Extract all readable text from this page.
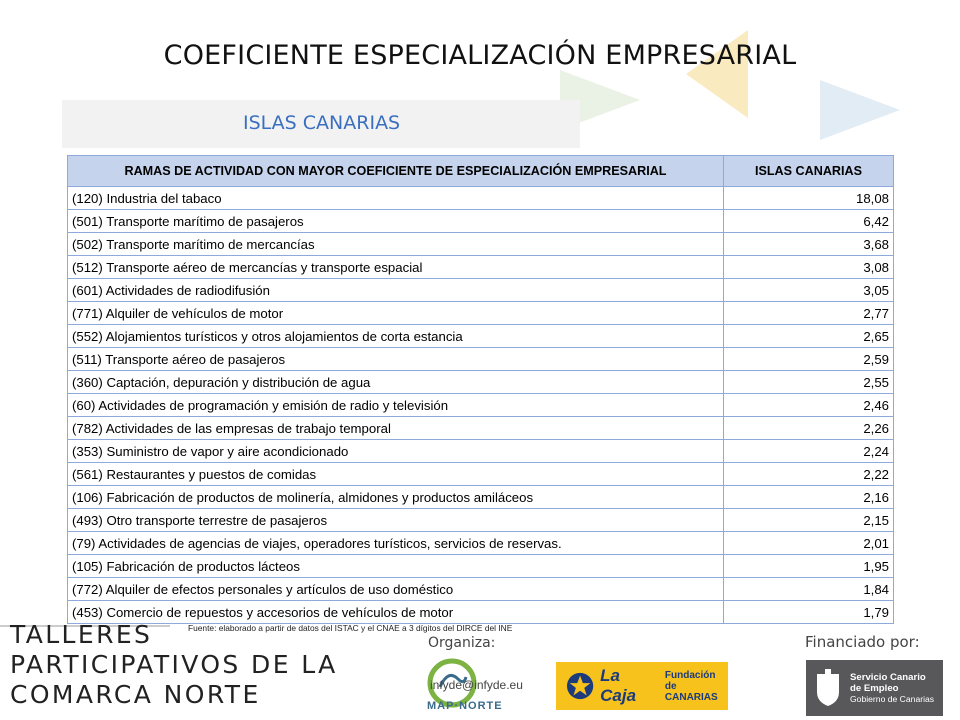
COEFICIENTE ESPECIALIZACIÓN EMPRESARIAL
ISLAS CANARIAS
RAMAS DE ACTIVIDAD CON MAYOR COEFICIENTE DE ESPECIALIZACIÓN EMPRESARIAL	ISLAS CANARIAS
(120) Industria del tabaco	18,08
(501) Transporte marítimo de pasajeros	6,42
(502) Transporte marítimo de mercancías	3,68
(512) Transporte aéreo de mercancías y transporte espacial	3,08
(601) Actividades de radiodifusión	3,05
(771) Alquiler de vehículos de motor	2,77
(552) Alojamientos turísticos y otros alojamientos de corta estancia	2,65
(511) Transporte aéreo de pasajeros	2,59
(360) Captación, depuración y distribución de agua	2,55
(60) Actividades de programación y emisión de radio y televisión	2,46
(782) Actividades de las empresas de trabajo temporal	2,26
(353) Suministro de vapor y aire acondicionado	2,24
(561) Restaurantes y puestos de comidas	2,22
(106) Fabricación de productos de molinería, almidones y productos amiláceos	2,16
(493) Otro transporte terrestre de pasajeros	2,15
(79) Actividades de agencias de viajes, operadores turísticos, servicios de reservas.	2,01
(105) Fabricación de productos lácteos	1,95
(772) Alquiler de efectos personales y artículos de uso doméstico	1,84
(453) Comercio de repuestos y accesorios de vehículos de motor	1,79
Fuente: elaborado a partir de datos del ISTAC y el CNAE a 3 dígitos del DIRCE del INE
TALLERES
PARTICIPATIVOS DE LA
COMARCA NORTE
Organiza:	Financiado por:
infyde@infyde.eu
MAP·NORTE
La Caja
Fundación
de CANARIAS
Servicio Canario
de Empleo
Gobierno de Canarias
